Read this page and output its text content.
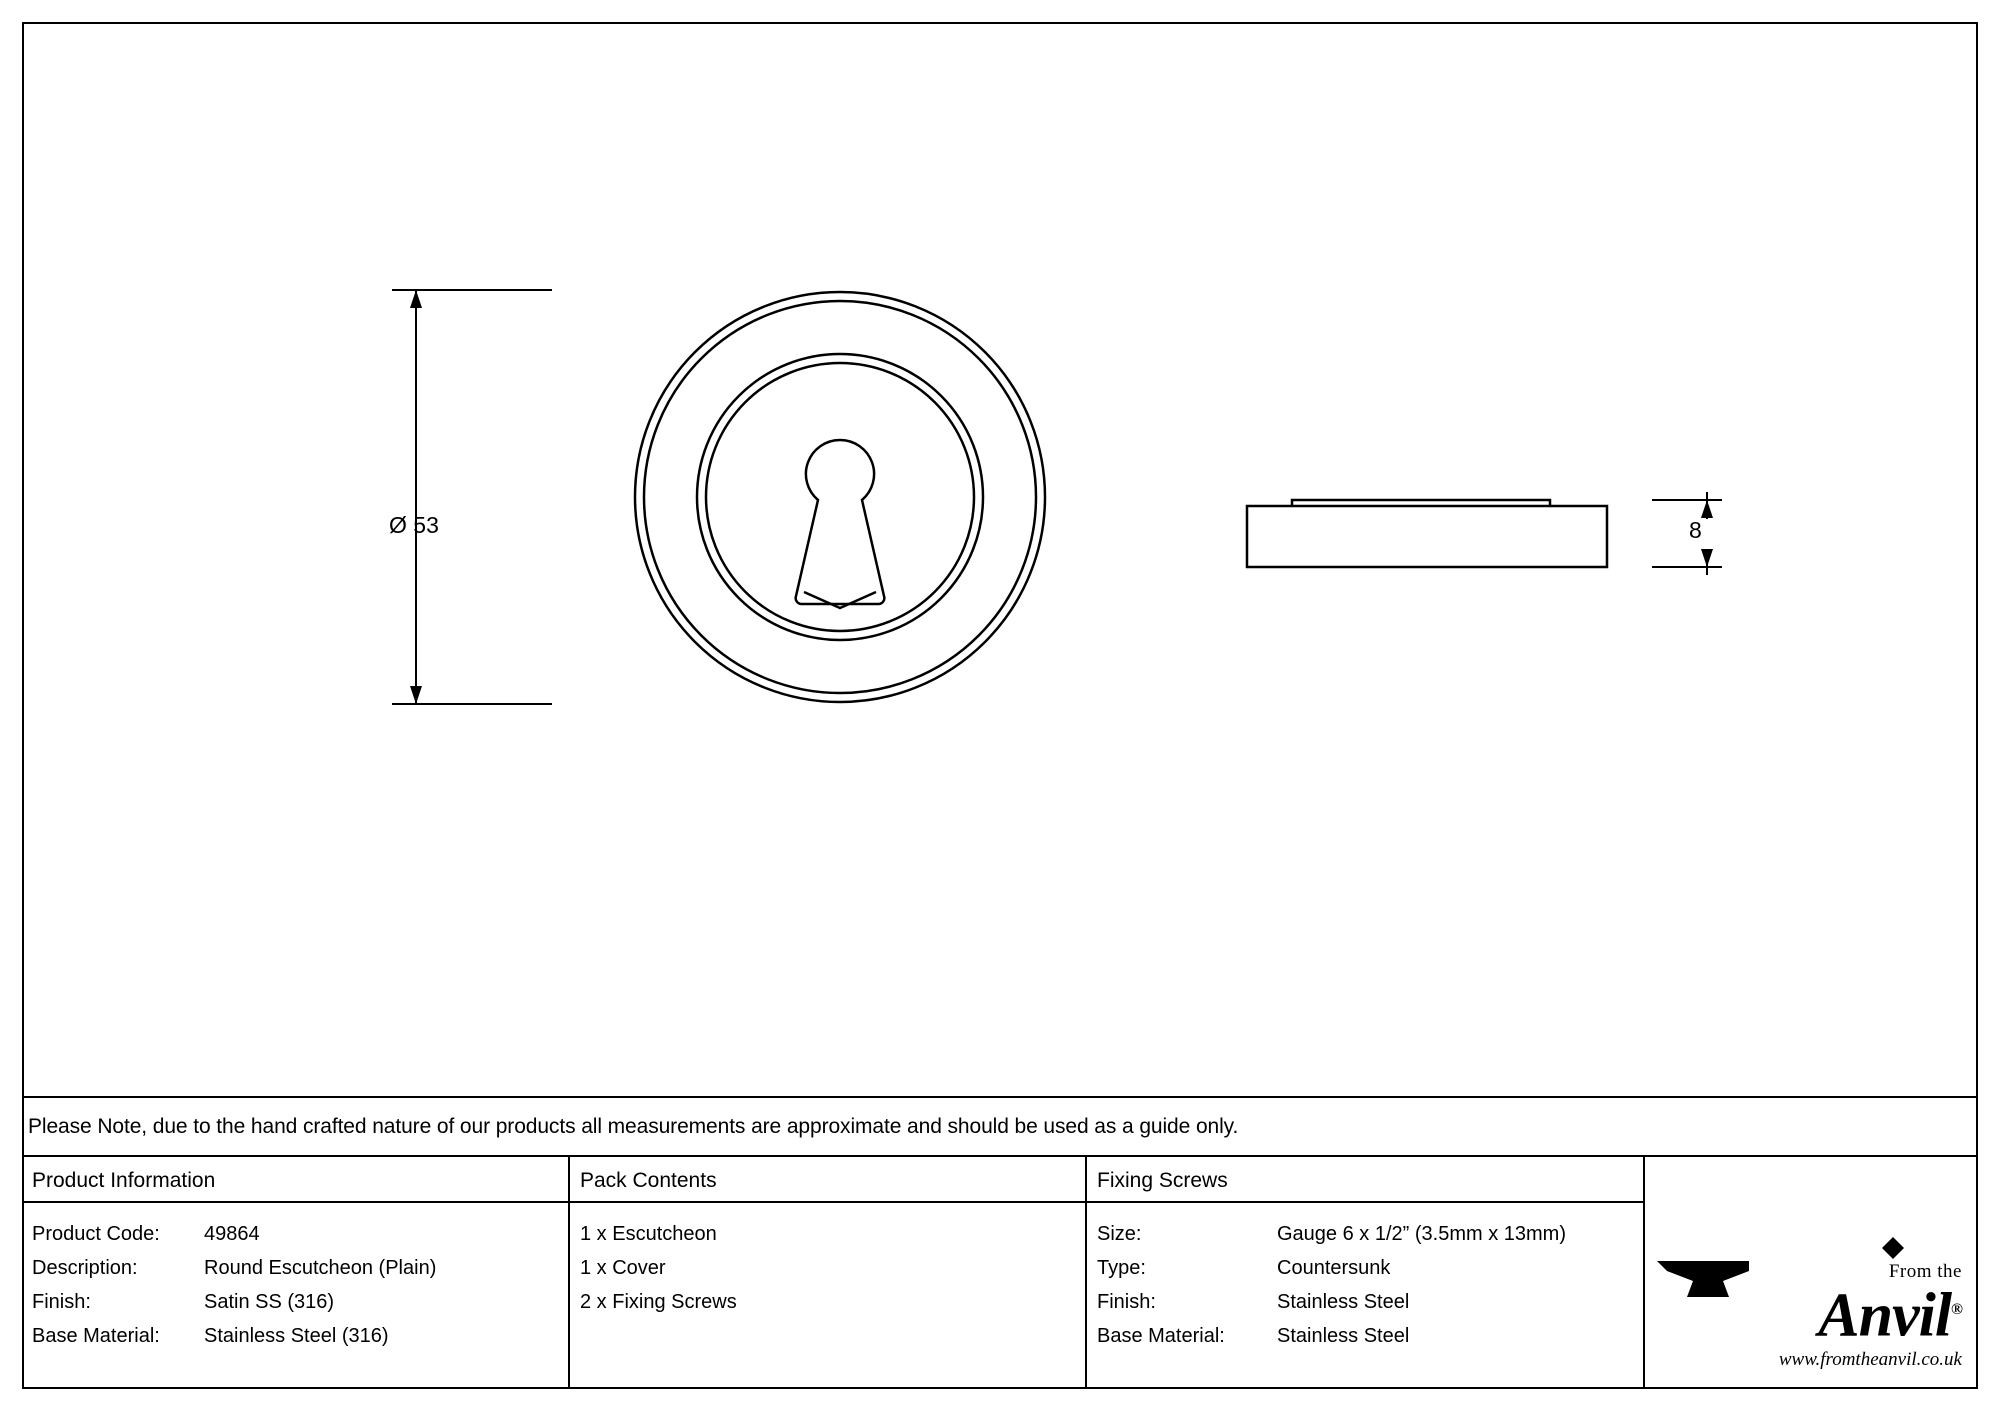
Ø 53	8
Please Note, due to the hand crafted nature of our products all measurements are approximate and should be used as a guide only.
Product Information
Product Code:	49864
Description:	Round Escutcheon (Plain)
Finish:	Satin SS (316)
Base Material:	Stainless Steel (316)
Pack Contents
1 x Escutcheon
1 x Cover
2 x Fixing Screws
Fixing Screws
Size:	Gauge 6 x 1/2” (3.5mm x 13mm)
Type:	Countersunk
Finish:	Stainless Steel
Base Material:	Stainless Steel
From the
Anvil®
www.fromtheanvil.co.uk
